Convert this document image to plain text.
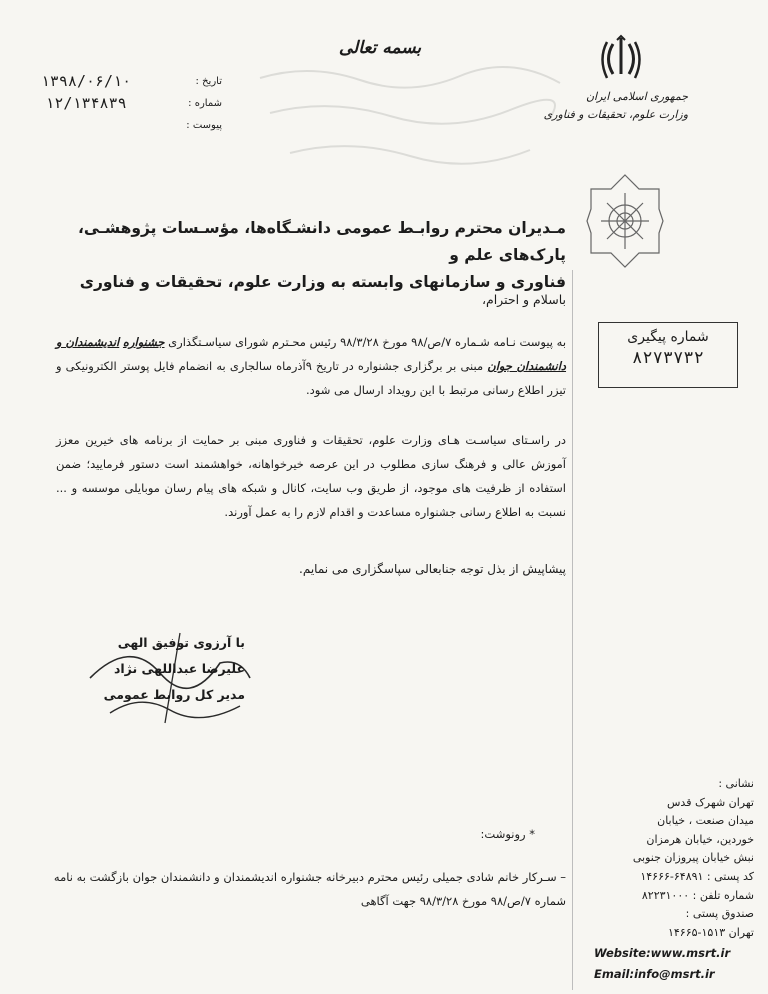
بسمه تعالی
جمهوری اسلامی ایران
وزارت علوم، تحقیقات و فناوری
تاریخ :
۱۳۹۸/۰۶/۱۰
شماره :
۱۲/۱۳۴۸۳۹
پیوست :
مـدیران محترم روابـط عمومی دانشـگاه‌ها، مؤسـسات پژوهشـی، پارک‌های علم و
فناوری و سازمانهای وابسته به وزارت علوم، تحقیقات و فناوری
باسلام و احترام،
به پیوست نـامه شـماره ۷/ص/۹۸ مورخ ۹۸/۳/۲۸ رئیس محـترم شورای سیاسـتگذاری جشنواره اندیشمندان و دانشمندان جوان مبنی بر برگزاری جشنواره در تاریخ ۹آذرماه سالجاری به انضمام فایل پوستر الکترونیکی و تیزر اطلاع رسانی مرتبط با این رویداد ارسال می شود.
در راسـتای سیاسـت هـای وزارت علوم، تحقیقات و فناوری مبنی بر حمایت از برنامه های خیرین معزز آموزش عالی و فرهنگ سازی مطلوب در این عرصه خیرخواهانه، خواهشمند است دستور فرمایید؛ ضمن استفاده از ظرفیت های موجود، از طریق وب سایت، کانال و شبکه های پیام رسان موبایلی موسسه و ... نسبت به اطلاع رسانی جشنواره مساعدت و اقدام لازم را به عمل آورند.
پیشاپیش از بذل توجه جنابعالی سپاسگزاری می نمایم.
شماره پیگیری
۸۲۷۳۷۳۲
با آرزوی توفیق الهی
علیرضا عبداللهی نژاد
مدیر کل روابط عمومی
نشانی :
تهران شهرک قدس
میدان صنعت ، خیابان
خوردین، خیابان هرمزان
نبش خیابان پیروزان جنوبی
کد پستی : ۶۴۸۹۱-۱۴۶۶۶
شماره تلفن : ۸۲۲۳۱۰۰۰
صندوق پستی :
تهران ۱۵۱۳-۱۴۶۶۵
Website:www.msrt.ir
Email:info@msrt.ir
* رونوشت:
– سـرکار خانم شادی جمیلی رئیس محترم دبیرخانه جشنواره اندیشمندان و دانشمندان جوان بازگشت به نامه
شماره ۷/ص/۹۸ مورخ ۹۸/۳/۲۸ جهت آگاهی
